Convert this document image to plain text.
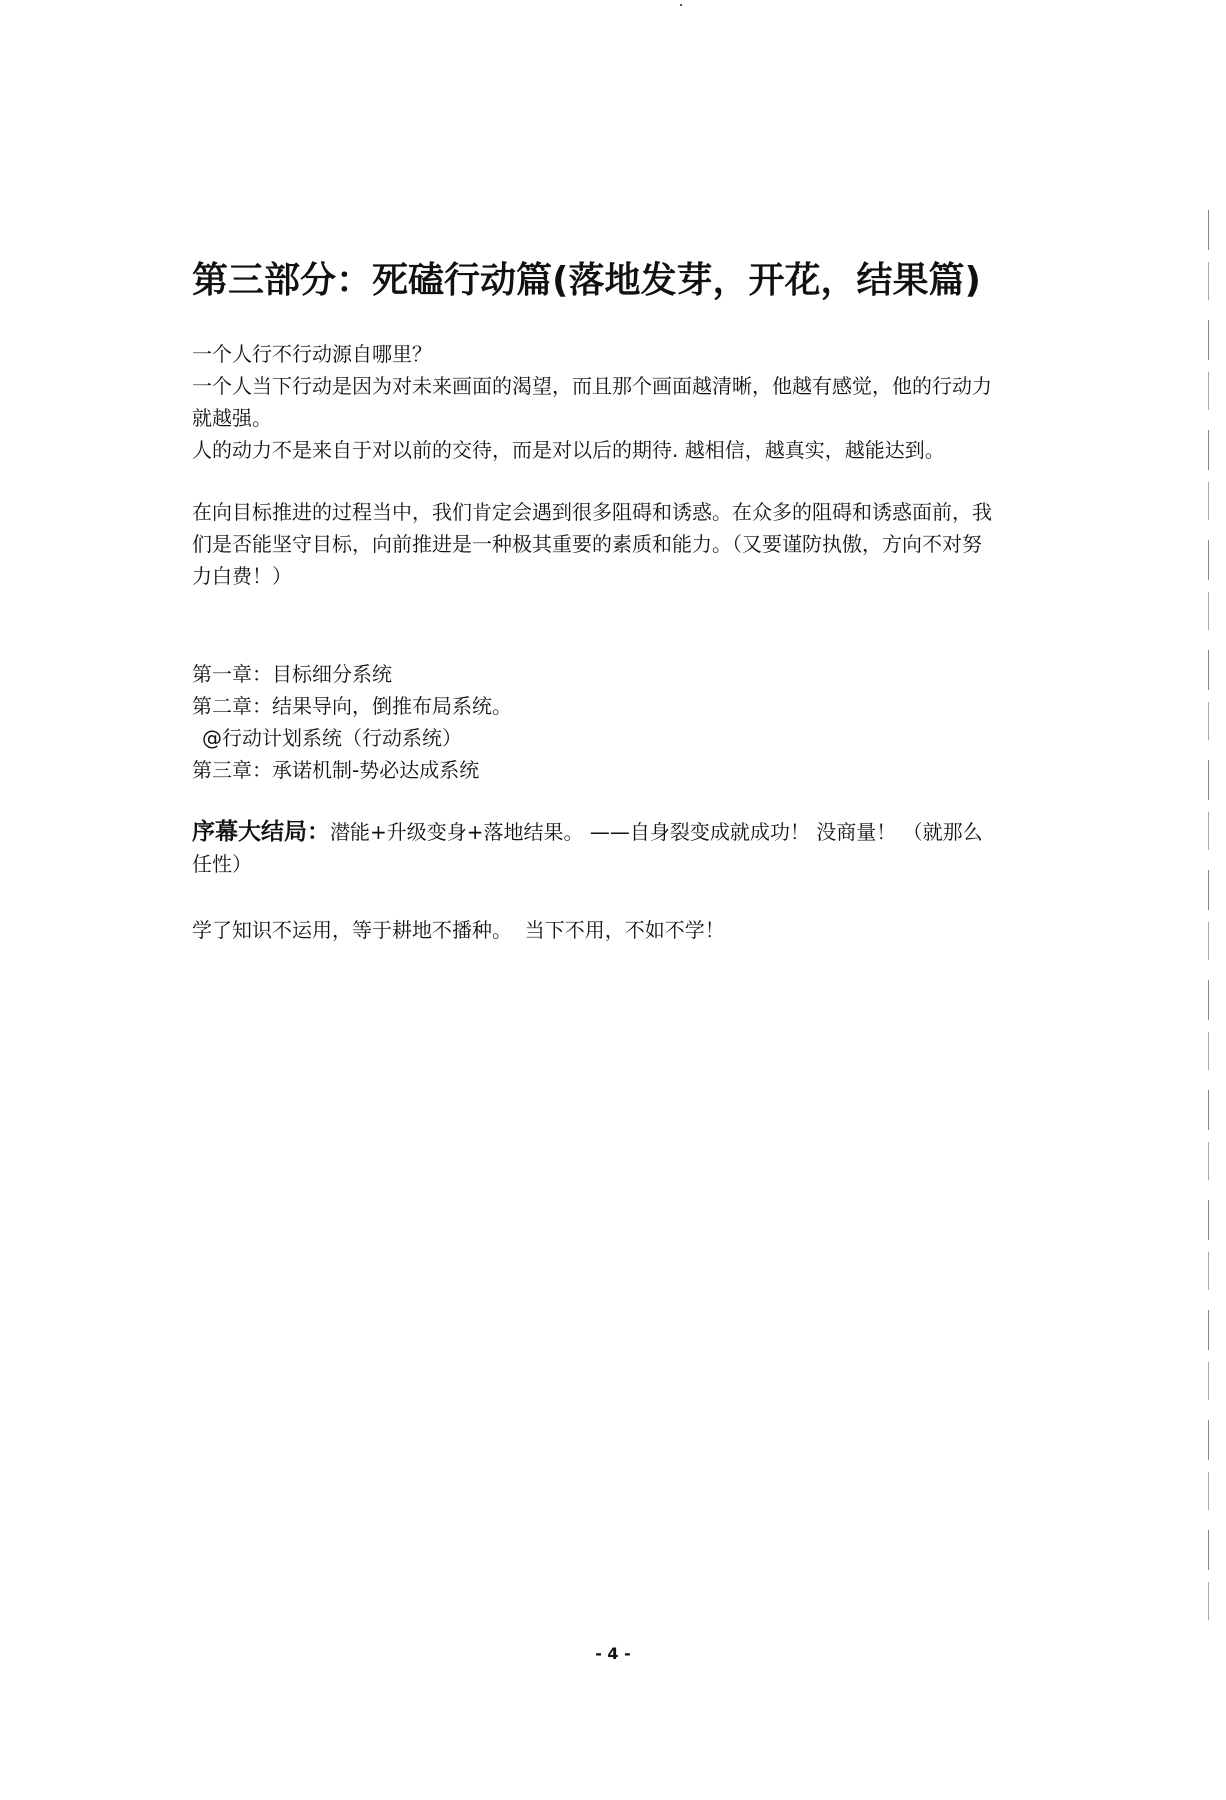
第三部分：死磕行动篇(落地发芽，开花，结果篇)
一个人行不行动源自哪里？
一个人当下行动是因为对未来画面的渴望，而且那个画面越清晰，他越有感觉，他的行动力
就越强。
人的动力不是来自于对以前的交待，而是对以后的期待. 越相信，越真实，越能达到。
在向目标推进的过程当中，我们肯定会遇到很多阻碍和诱惑。在众多的阻碍和诱惑面前，我
们是否能坚守目标，向前推进是一种极其重要的素质和能力。（又要谨防执傲，方向不对努
力白费！）
第一章：目标细分系统
第二章：结果导向，倒推布局系统。
@行动计划系统（行动系统）
第三章：承诺机制-势必达成系统
序幕大结局：潜能+升级变身+落地结果。 ——自身裂变成就成功！ 没商量！ （就那么
任性）
学了知识不运用，等于耕地不播种。  当下不用，不如不学！
- 4 -
